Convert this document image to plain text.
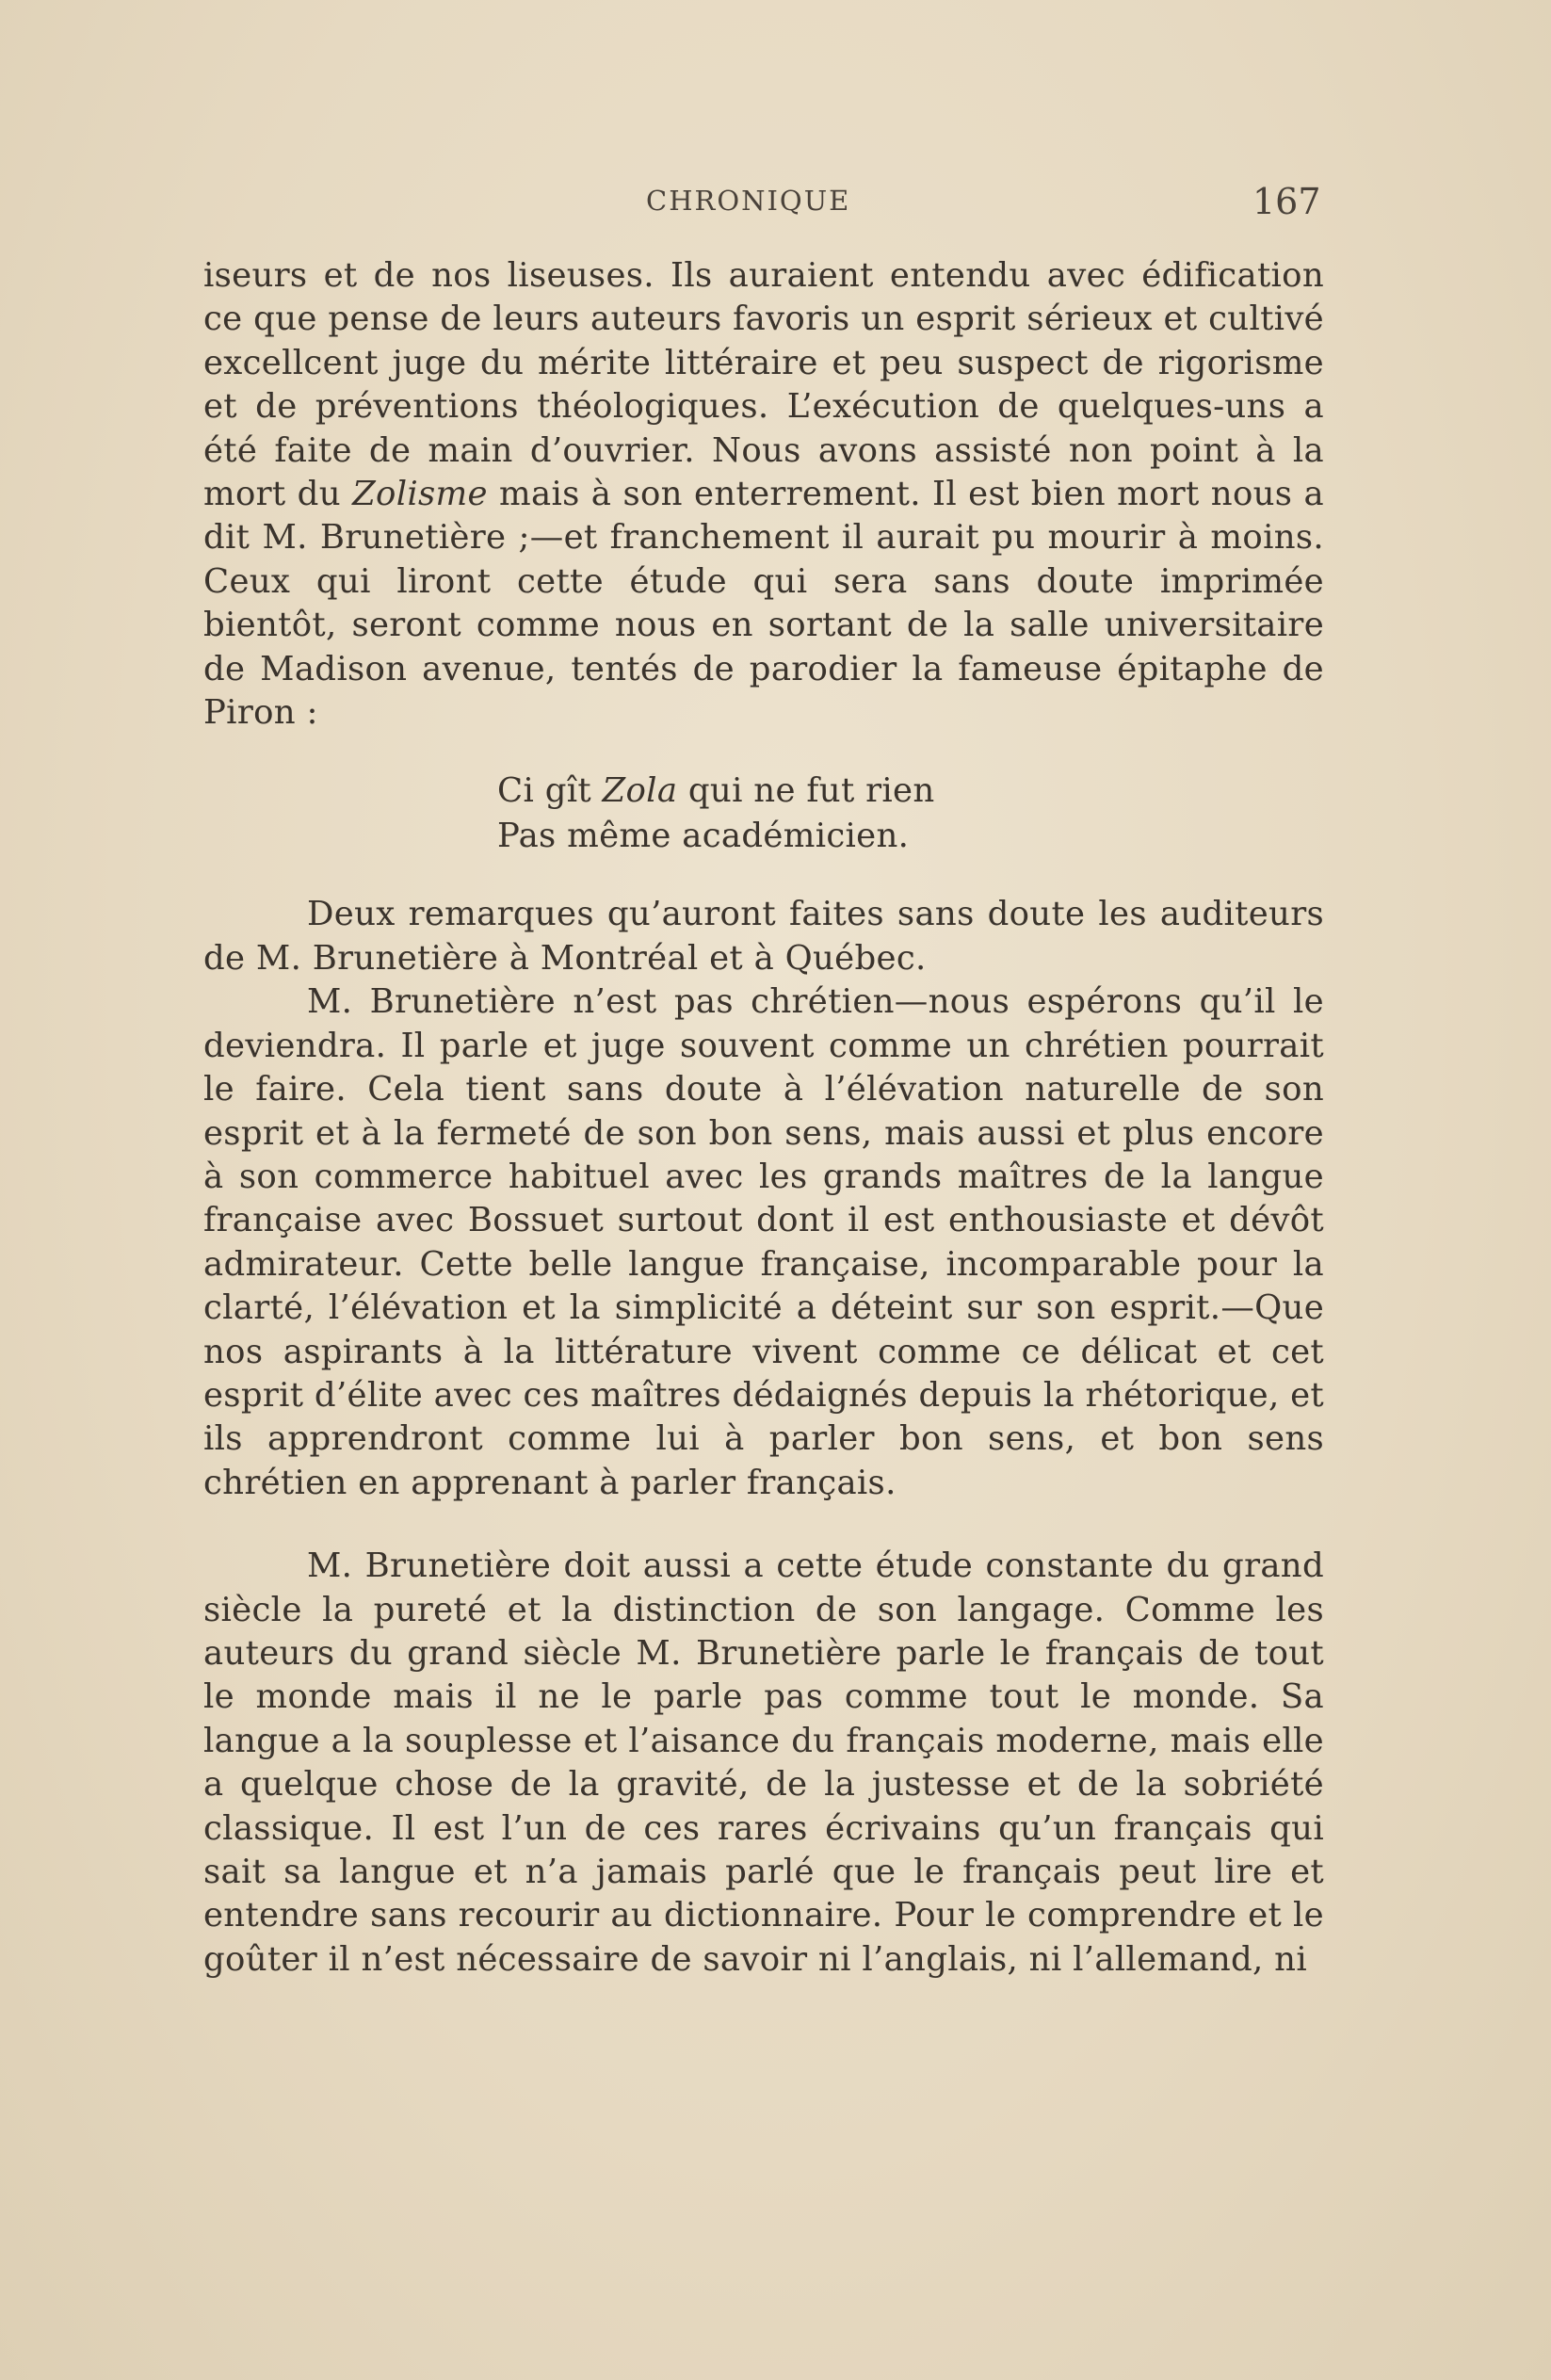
CHRONIQUE	167

iseurs et de nos liseuses. Ils auraient entendu avec édification ce que pense de leurs auteurs favoris un esprit sérieux et cultivé excellcent juge du mérite littéraire et peu suspect de rigorisme et de préventions théologiques. L’exécution de quelques-uns a été faite de main d’ouvrier. Nous avons assisté non point à la mort du Zolisme mais à son enterrement. Il est bien mort nous a dit M. Brunetière ;—et franchement il aurait pu mourir à moins. Ceux qui liront cette étude qui sera sans doute imprimée bientôt, seront comme nous en sortant de la salle universitaire de Madison avenue, tentés de parodier la fameuse épitaphe de Piron :

Ci gît Zola qui ne fut rien
Pas même académicien.

Deux remarques qu’auront faites sans doute les auditeurs de M. Brunetière à Montréal et à Québec.

M. Brunetière n’est pas chrétien—nous espérons qu’il le deviendra. Il parle et juge souvent comme un chrétien pourrait le faire. Cela tient sans doute à l’élévation naturelle de son esprit et à la fermeté de son bon sens, mais aussi et plus encore à son commerce habituel avec les grands maîtres de la langue française avec Bossuet surtout dont il est enthousiaste et dévôt admirateur. Cette belle langue française, incomparable pour la clarté, l’élévation et la simplicité a déteint sur son esprit.—Que nos aspirants à la littérature vivent comme ce délicat et cet esprit d’élite avec ces maîtres dédaignés depuis la rhétorique, et ils apprendront comme lui à parler bon sens, et bon sens chrétien en apprenant à parler français.

M. Brunetière doit aussi a cette étude constante du grand siècle la pureté et la distinction de son langage. Comme les auteurs du grand siècle M. Brunetière parle le français de tout le monde mais il ne le parle pas comme tout le monde. Sa langue a la souplesse et l’aisance du français moderne, mais elle a quelque chose de la gravité, de la justesse et de la sobriété classique. Il est l’un de ces rares écrivains qu’un français qui sait sa langue et n’a jamais parlé que le français peut lire et entendre sans recourir au dictionnaire. Pour le comprendre et le goûter il n’est nécessaire de savoir ni l’anglais, ni l’allemand, ni
